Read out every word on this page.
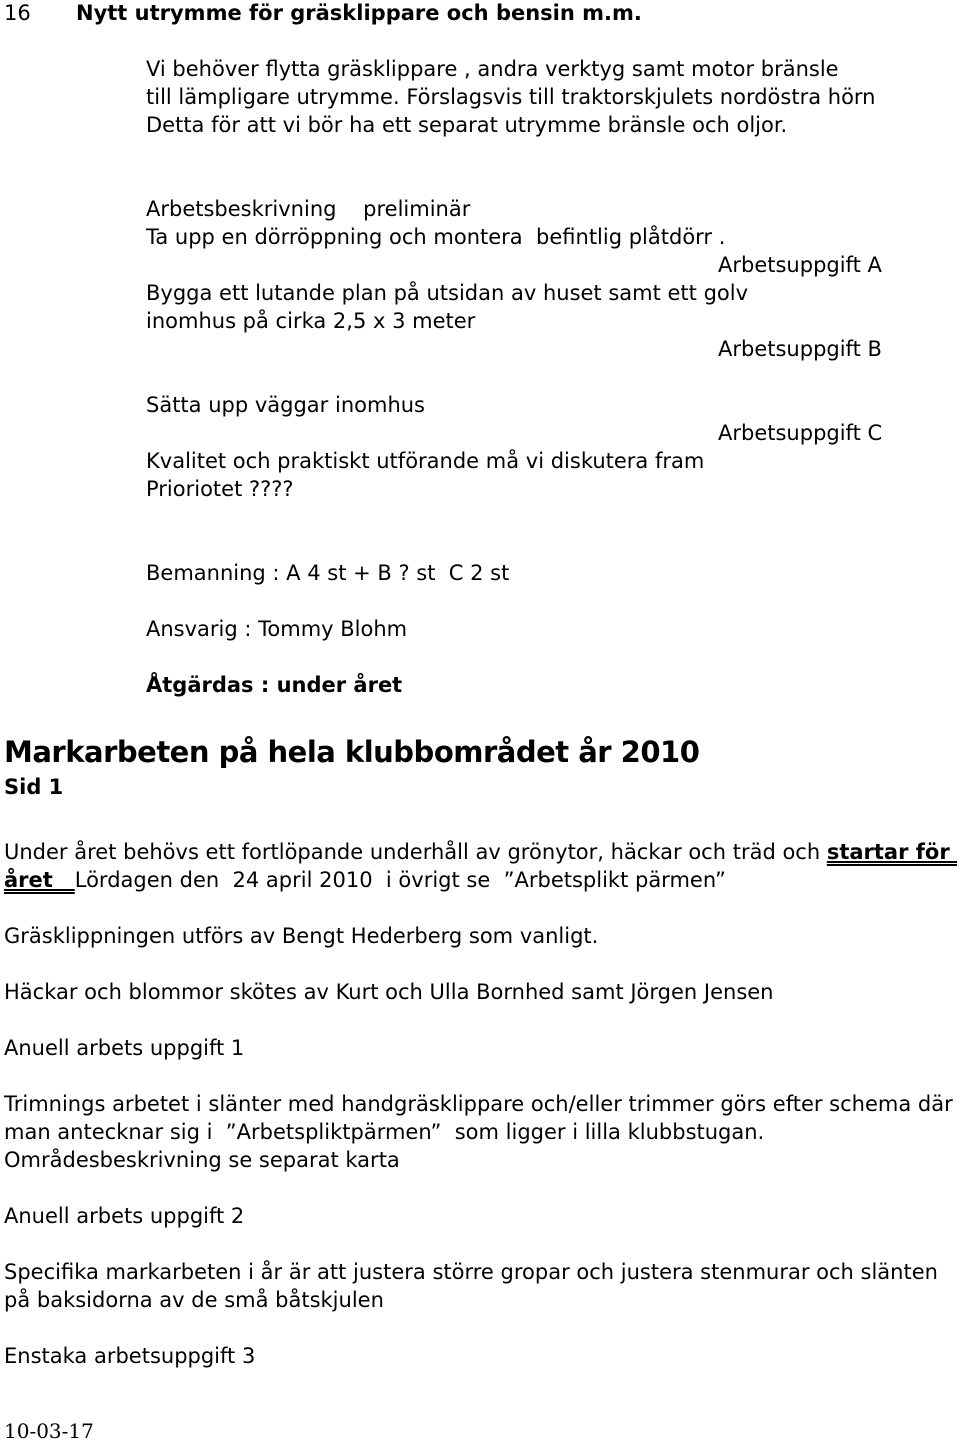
16 Nytt utrymme för gräsklippare och bensin m.m.
Vi behöver flytta gräsklippare , andra verktyg samt motor bränsle
till lämpligare utrymme. Förslagsvis till traktorskjulets nordöstra hörn
Detta för att vi bör ha ett separat utrymme bränsle och oljor.
Arbetsbeskrivning    preliminär
Ta upp en dörröppning och montera  befintlig plåtdörr .
Arbetsuppgift A
Bygga ett lutande plan på utsidan av huset samt ett golv
inomhus på cirka 2,5 x 3 meter
Arbetsuppgift B
Sätta upp väggar inomhus
Arbetsuppgift C
Kvalitet och praktiskt utförande må vi diskutera fram
Prioriotet ????
Bemanning : A 4 st + B ? st  C 2 st
Ansvarig : Tommy Blohm
Åtgärdas : under året
Markarbeten på hela klubbområdet år 2010
Sid 1
Under året behövs ett fortlöpande underhåll av grönytor, häckar och träd och startar för
året   Lördagen den  24 april 2010  i övrigt se  ”Arbetsplikt pärmen”
Gräsklippningen utförs av Bengt Hederberg som vanligt.
Häckar och blommor skötes av Kurt och Ulla Bornhed samt Jörgen Jensen
Anuell arbets uppgift 1
Trimnings arbetet i slänter med handgräsklippare och/eller trimmer görs efter schema där
man antecknar sig i  ”Arbetspliktpärmen”  som ligger i lilla klubbstugan.
Områdesbeskrivning se separat karta
Anuell arbets uppgift 2
Specifika markarbeten i år är att justera större gropar och justera stenmurar och slänten
på baksidorna av de små båtskjulen
Enstaka arbetsuppgift 3
10-03-17
